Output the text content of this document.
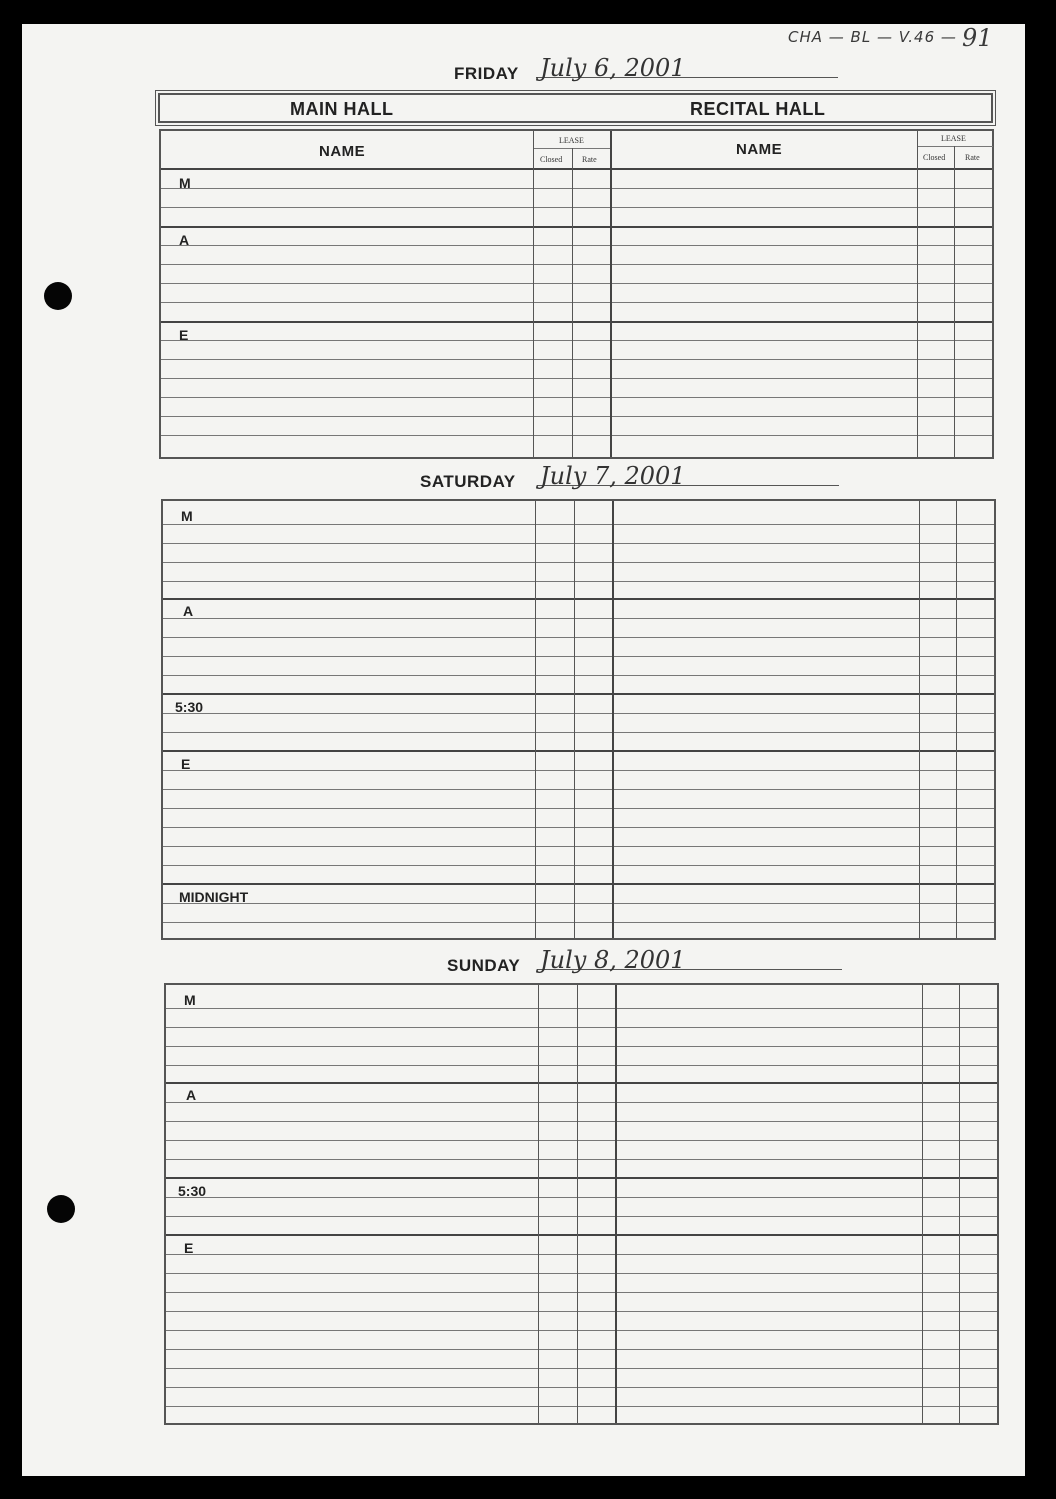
CHA — BL — V.46 — 91
FRIDAY July 6, 2001
MAIN HALL	RECITAL HALL
NAME	NAME
LEASE	LEASE
Closed Rate	Closed Rate
M
A
E
SATURDAY July 7, 2001
M
A
5:30
E
MIDNIGHT
SUNDAY July 8, 2001
M
A
5:30
E
